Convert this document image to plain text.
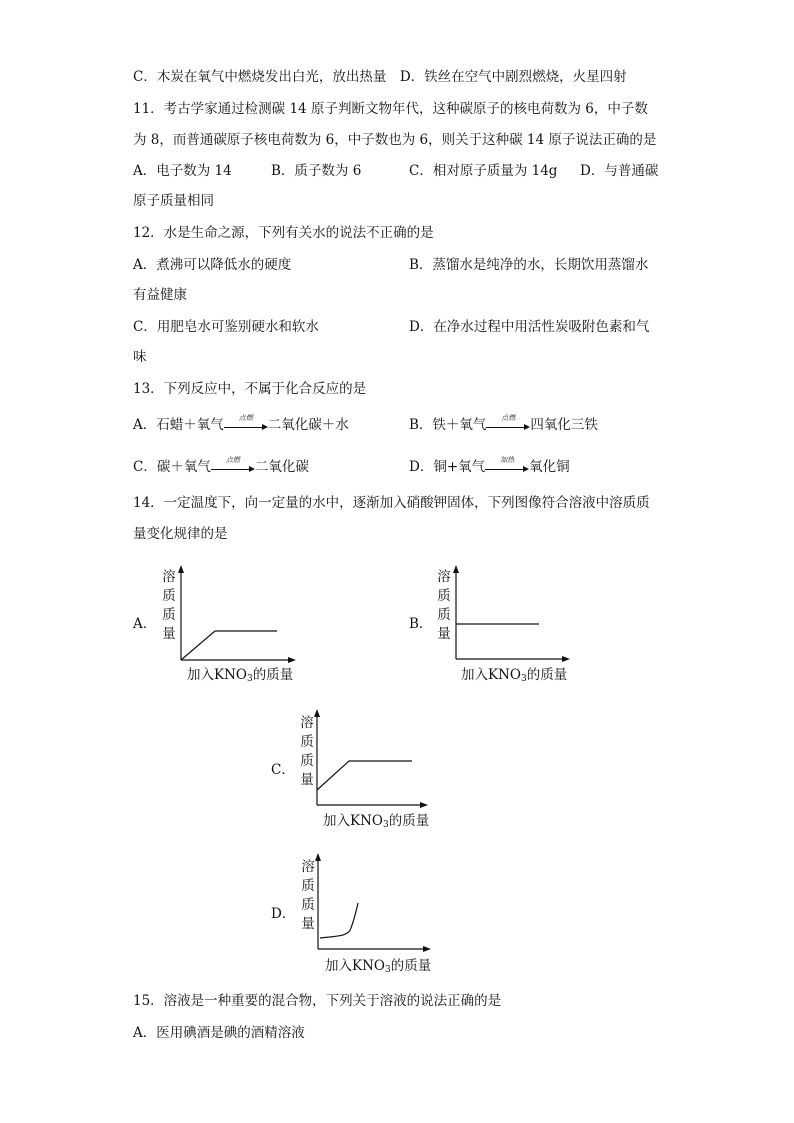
C．木炭在氧气中燃烧发出白光，放出热量　D．铁丝在空气中剧烈燃烧，火星四射
11．考古学家通过检测碳 14 原子判断文物年代，这种碳原子的核电荷数为 6，中子数
为 8，而普通碳原子核电荷数为 6，中子数也为 6，则关于这种碳 14 原子说法正确的是
A．电子数为 14	B．质子数为 6	C．相对原子质量为 14g D．与普通碳
原子质量相同
12．水是生命之源，下列有关水的说法不正确的是
A．煮沸可以降低水的硬度	B．蒸馏水是纯净的水，长期饮用蒸馏水
有益健康
C．用肥皂水可鉴别硬水和软水	D．在净水过程中用活性炭吸附色素和气
味
13．下列反应中，不属于化合反应的是
A．石蜡＋氧气	点燃	二氧化碳＋水	B．铁＋氧气	点燃	四氧化三铁
C．碳＋氧气	点燃	二氧化碳	D．铜+氧气	加热	氧化铜
14．一定温度下，向一定量的水中，逐渐加入硝酸钾固体，下列图像符合溶液中溶质质
量变化规律的是
A．
溶
质
质
量
加入$KNO_3$的质量
B．
溶
质
质
量
加入$KNO_3$的质量
C．
溶
质
质
量
加入$KNO_3$的质量
D．
溶
质
质
量
加入$KNO_3$的质量
15．溶液是一种重要的混合物，下列关于溶液的说法正确的是
A．医用碘酒是碘的酒精溶液
